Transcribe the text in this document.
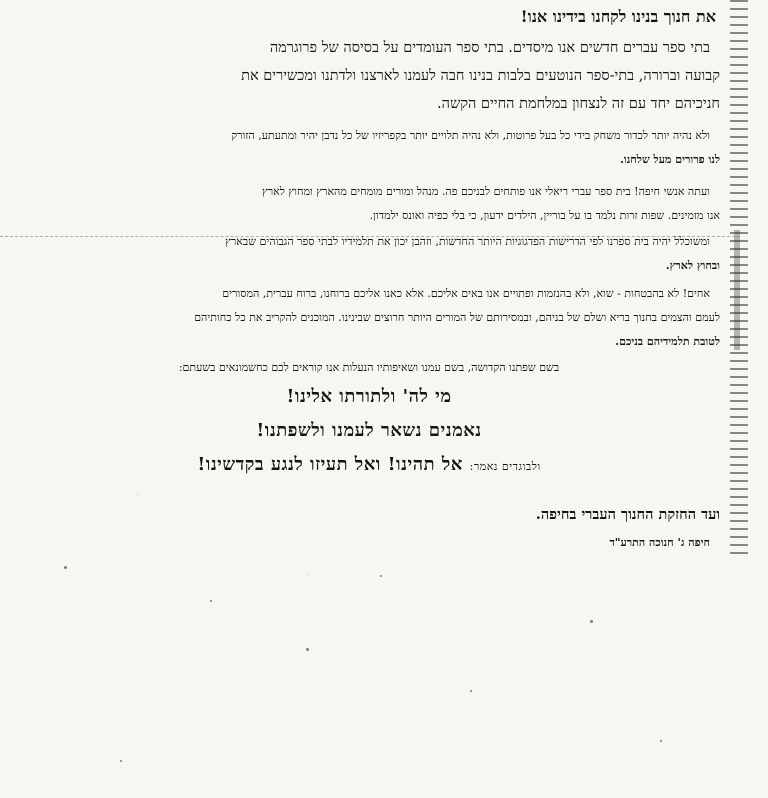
את חנוך בנינו לקחנו בידינו אנו!
בתי ספר עברים חדשים אנו מיסדים. בתי ספר העומדים על בסיסה של פרוגרמה
קבועה וברורה, בתי-ספר הנוטעים בלבות בנינו חבה לעמנו לארצנו ולדתנו ומכשירים את
חניכיהם יחד עם זה לנצחון במלחמת החיים הקשה.
ולא נהיה יותר לכדור משחק בידי כל בעל פרוטות, ולא נהיה תלויים יותר בקפריזיו של כל נדבן יהיר ומתעתע, הזורק
לנו פרורים מעל שלחנו.
ועתה אנשי חיפה! בית ספר עברי ריאלי אנו פותחים לבניכם פה. מנהל ומורים מומחים מהארץ ומחוץ לארץ
אנו מזמינים. שפות זרות נלמד בו על בוריין, הילדים ידעון, כי בלי כפיה ואונס ילמדון.
ומשוכלל יהיה בית ספרנו לפי הדרישות הפדגוגיות היותר החדשות, וזהבן יכון את תלמידיו לבתי ספר הגבוהים שבארץ
ובחוץ לארץ.
אחים! לא בהבטחות - שוא, ולא בהנזמות ופתויים אנו באים אליכם. אלא כאנו אליכם ברוחנו, ברוח עברית, המסורים
לעמם והצמים בחנוך בריא ושלם של בניהם, ובמסירותם של המורים היותר חרוצים שבינינו. המוכנים להקריב את כל כחותיהם
לטובת תלמידיהם בניכם.
בשם שפתנו הקדושה, בשם עמנו ושאיפותיו הנעלות אנו קוראים לכם כחשמונאים בשעתם:
מי לה' ולתורתו אלינו!
נאמנים נשאר לעמנו ולשפתנו!
ולבוגדים נאמר: אל תהינו! ואל תעיזו לנגע בקדשינו!
ועד החזקת החנוך העברי בחיפה.
חיפה ג' חנוכה התרע"ד
